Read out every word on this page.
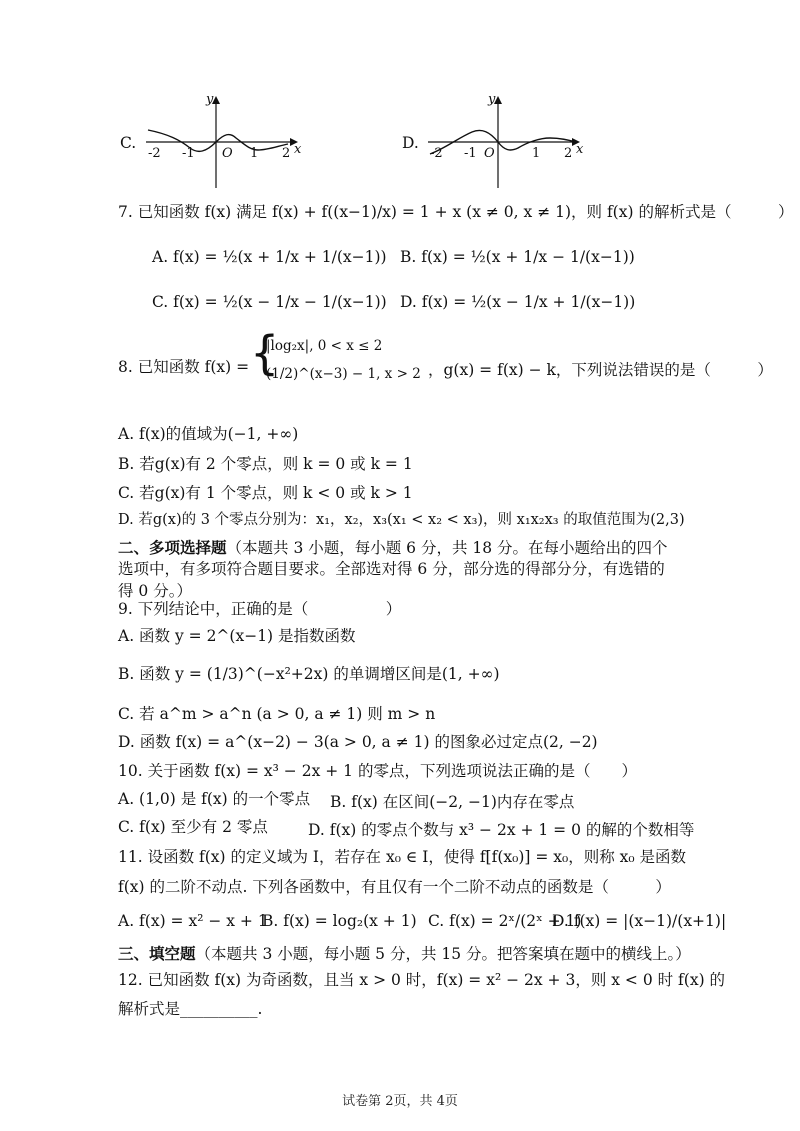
C.
y
x
-2 -1 O 1 2
D.
y
x
-2 -1 O	1 2
7. 已知函数 f(x) 满足 f(x) + f((x−1)/x) = 1 + x (x ≠ 0, x ≠ 1)，则 f(x) 的解析式是（　　　）
A. f(x) = ½(x + 1/x + 1/(x−1)) B. f(x) = ½(x + 1/x − 1/(x−1))
C. f(x) = ½(x − 1/x − 1/(x−1)) D. f(x) = ½(x − 1/x + 1/(x−1))
8. 已知函数 f(x) = {
|log₂x|, 0 < x ≤ 2
(1/2)^(x−3) − 1, x > 2 ，g(x) = f(x) − k，下列说法错误的是（　　　）
A. f(x)的值域为(−1, +∞)
B. 若g(x)有 2 个零点，则 k = 0 或 k = 1
C. 若g(x)有 1 个零点，则 k < 0 或 k > 1
D. 若g(x)的 3 个零点分别为：x₁，x₂，x₃(x₁ < x₂ < x₃)，则 x₁x₂x₃ 的取值范围为(2,3)
二、多项选择题（本题共 3 小题，每小题 6 分，共 18 分。在每小题给出的四个选项中，有多项符合题目要求。全部选对得 6 分，部分选的得部分分，有选错的得 0 分。）
9. 下列结论中，正确的是（　　　　　）
A. 函数 y = 2^(x−1) 是指数函数
B. 函数 y = (1/3)^(−x²+2x) 的单调增区间是(1, +∞)
C. 若 a^m > a^n (a > 0, a ≠ 1) 则 m > n
D. 函数 f(x) = a^(x−2) − 3(a > 0, a ≠ 1) 的图象必过定点(2, −2)
10. 关于函数 f(x) = x³ − 2x + 1 的零点，下列选项说法正确的是（　　）
A. (1,0) 是 f(x) 的一个零点 B. f(x) 在区间(−2, −1)内存在零点
C. f(x) 至少有 2 零点	D. f(x) 的零点个数与 x³ − 2x + 1 = 0 的解的个数相等
11. 设函数 f(x) 的定义域为 I，若存在 x₀ ∈ I，使得 f[f(x₀)] = x₀，则称 x₀ 是函数
f(x) 的二阶不动点. 下列各函数中，有且仅有一个二阶不动点的函数是（　　　）
A. f(x) = x² − x + 1
B. f(x) = log₂(x + 1) C. f(x) = 2ˣ/(2ˣ + 1)
D. f(x) = |(x−1)/(x+1)|
三、填空题（本题共 3 小题，每小题 5 分，共 15 分。把答案填在题中的横线上。）
12. 已知函数 f(x) 为奇函数，且当 x > 0 时，f(x) = x² − 2x + 3，则 x < 0 时 f(x) 的
解析式是__________.
试卷第 2页，共 4页
